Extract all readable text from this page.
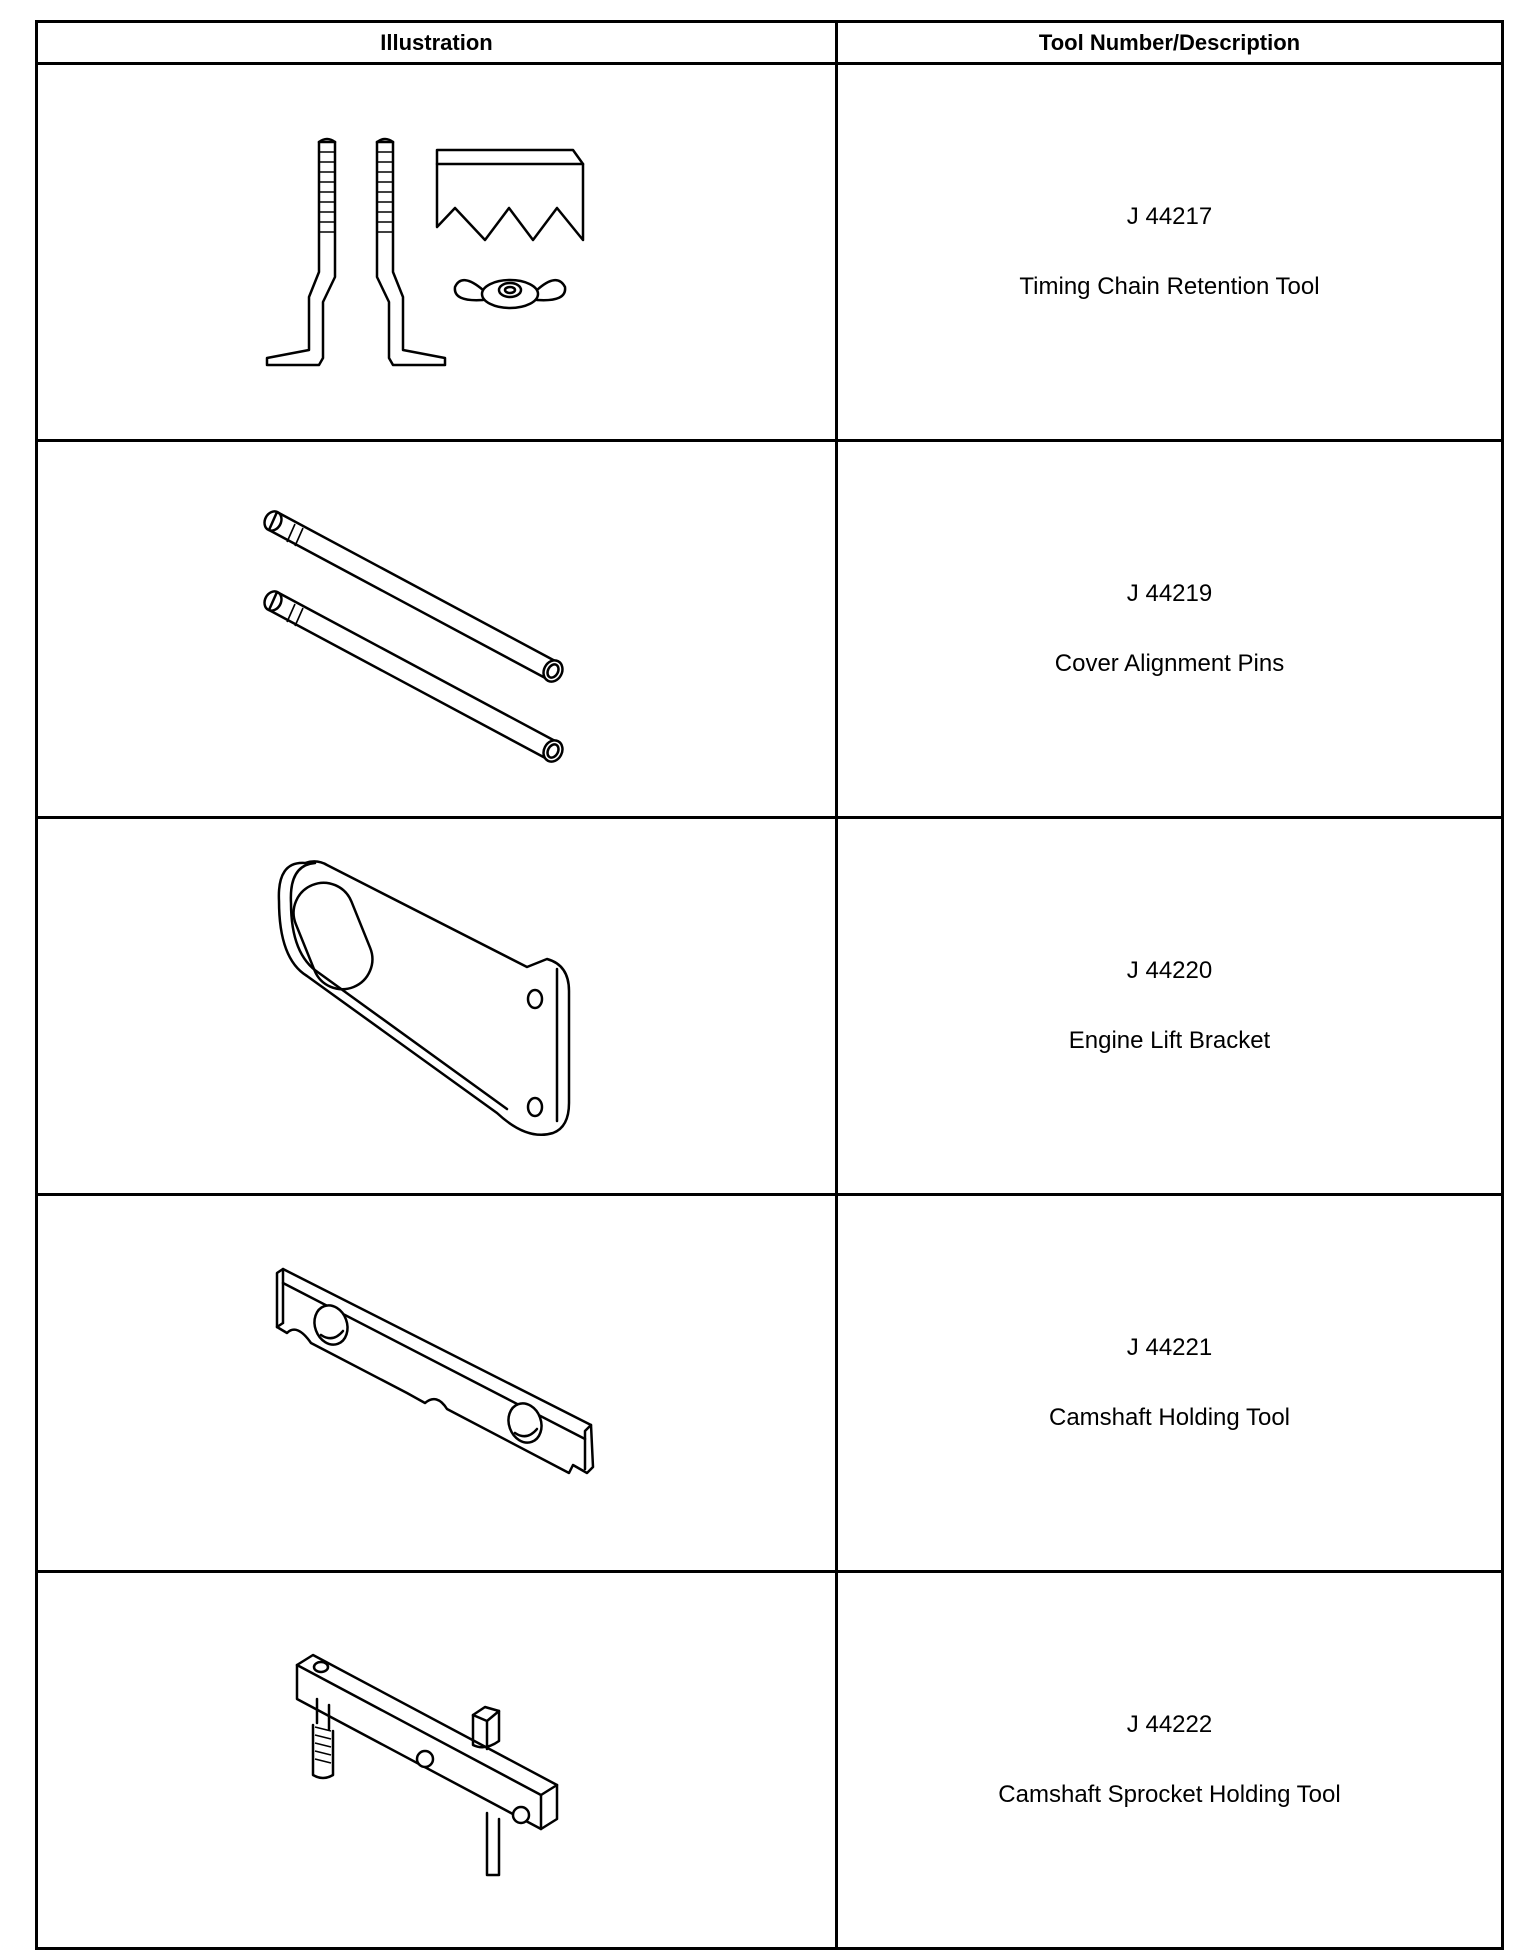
Illustration	Tool Number/Description

J 44217
Timing Chain Retention Tool

J 44219
Cover Alignment Pins

J 44220
Engine Lift Bracket

J 44221
Camshaft Holding Tool

J 44222
Camshaft Sprocket Holding Tool
